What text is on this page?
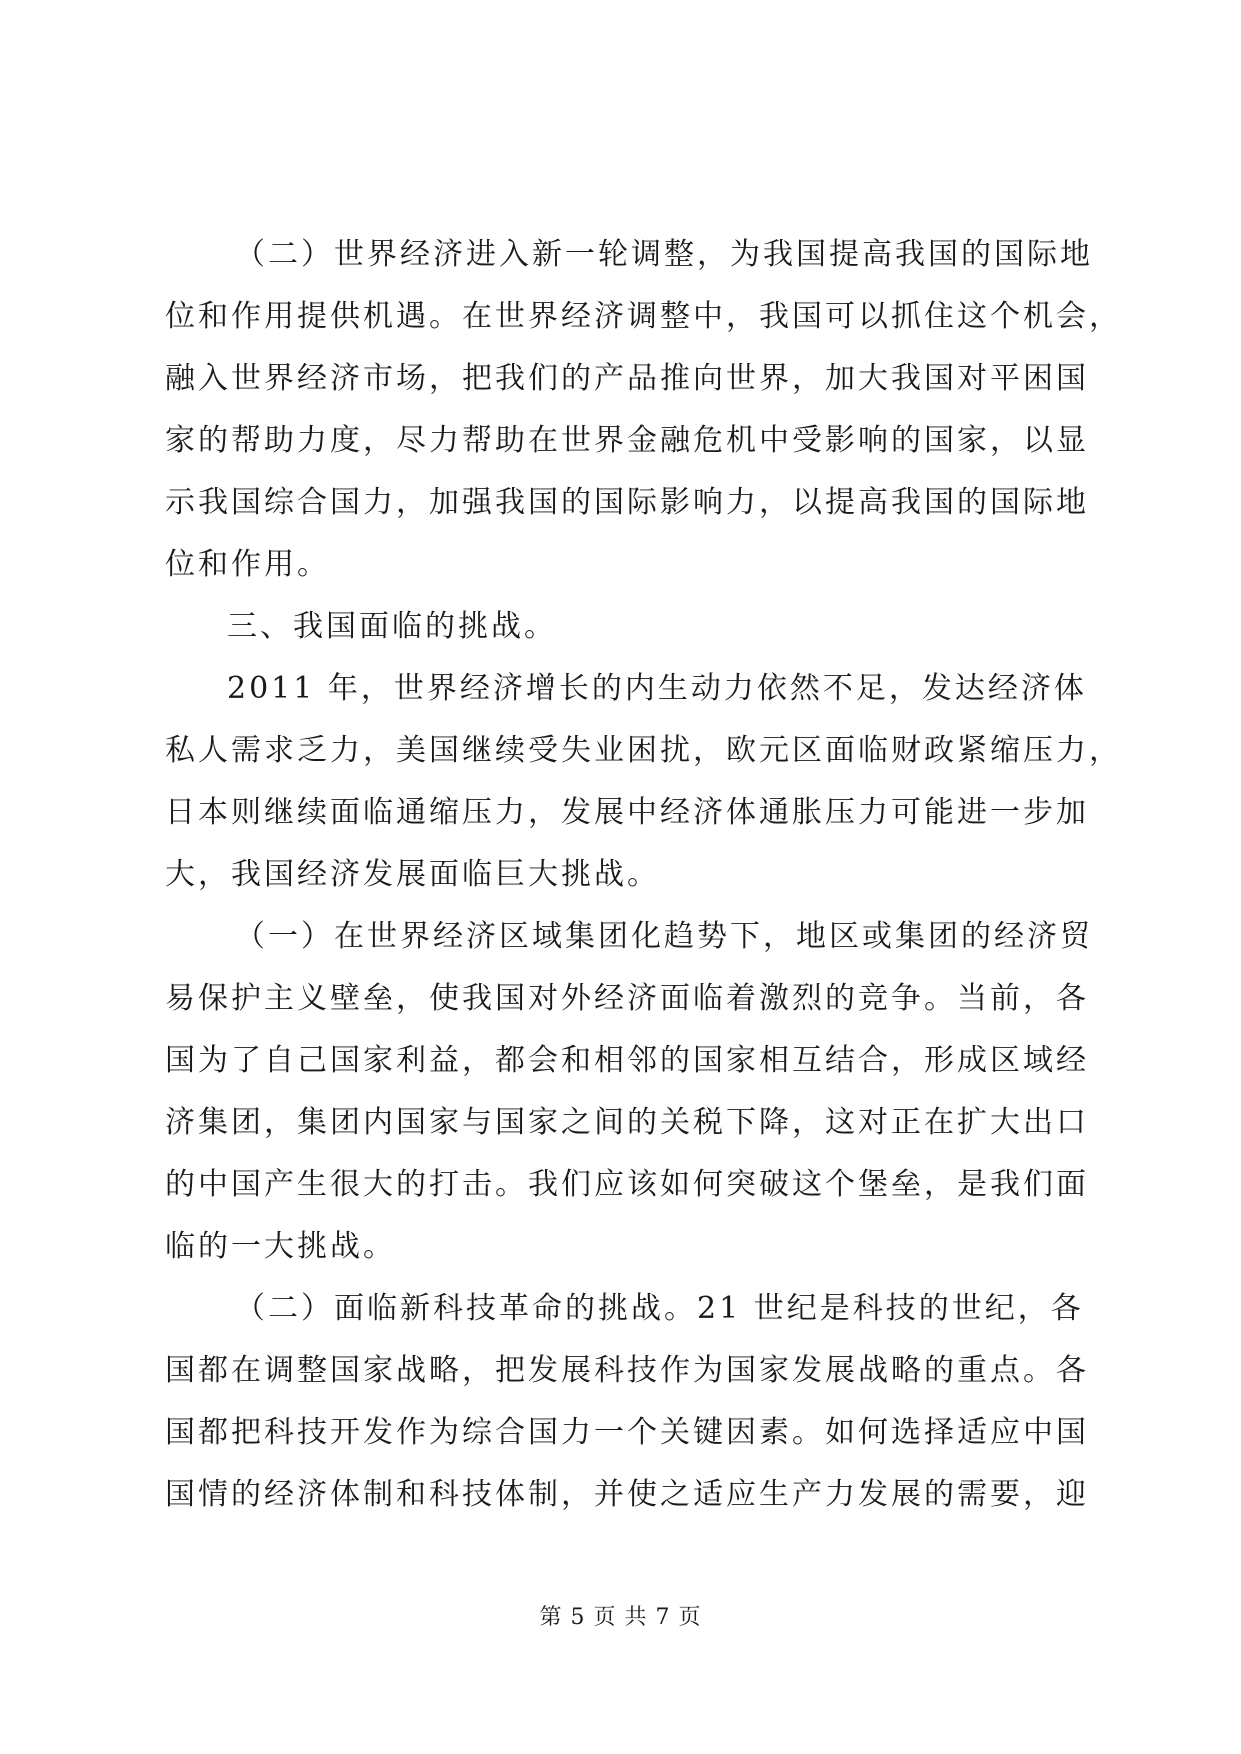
（二）世界经济进入新一轮调整，为我国提高我国的国际地
位和作用提供机遇。在世界经济调整中，我国可以抓住这个机会，
融入世界经济市场，把我们的产品推向世界，加大我国对平困国
家的帮助力度，尽力帮助在世界金融危机中受影响的国家，以显
示我国综合国力，加强我国的国际影响力，以提高我国的国际地
位和作用。
三、我国面临的挑战。
2011 年，世界经济增长的内生动力依然不足，发达经济体
私人需求乏力，美国继续受失业困扰，欧元区面临财政紧缩压力，
日本则继续面临通缩压力，发展中经济体通胀压力可能进一步加
大，我国经济发展面临巨大挑战。
（一）在世界经济区域集团化趋势下，地区或集团的经济贸
易保护主义壁垒，使我国对外经济面临着激烈的竞争。当前，各
国为了自己国家利益，都会和相邻的国家相互结合，形成区域经
济集团，集团内国家与国家之间的关税下降，这对正在扩大出口
的中国产生很大的打击。我们应该如何突破这个堡垒，是我们面
临的一大挑战。
（二）面临新科技革命的挑战。21 世纪是科技的世纪，各
国都在调整国家战略，把发展科技作为国家发展战略的重点。各
国都把科技开发作为综合国力一个关键因素。如何选择适应中国
国情的经济体制和科技体制，并使之适应生产力发展的需要，迎
第 5 页 共 7 页
